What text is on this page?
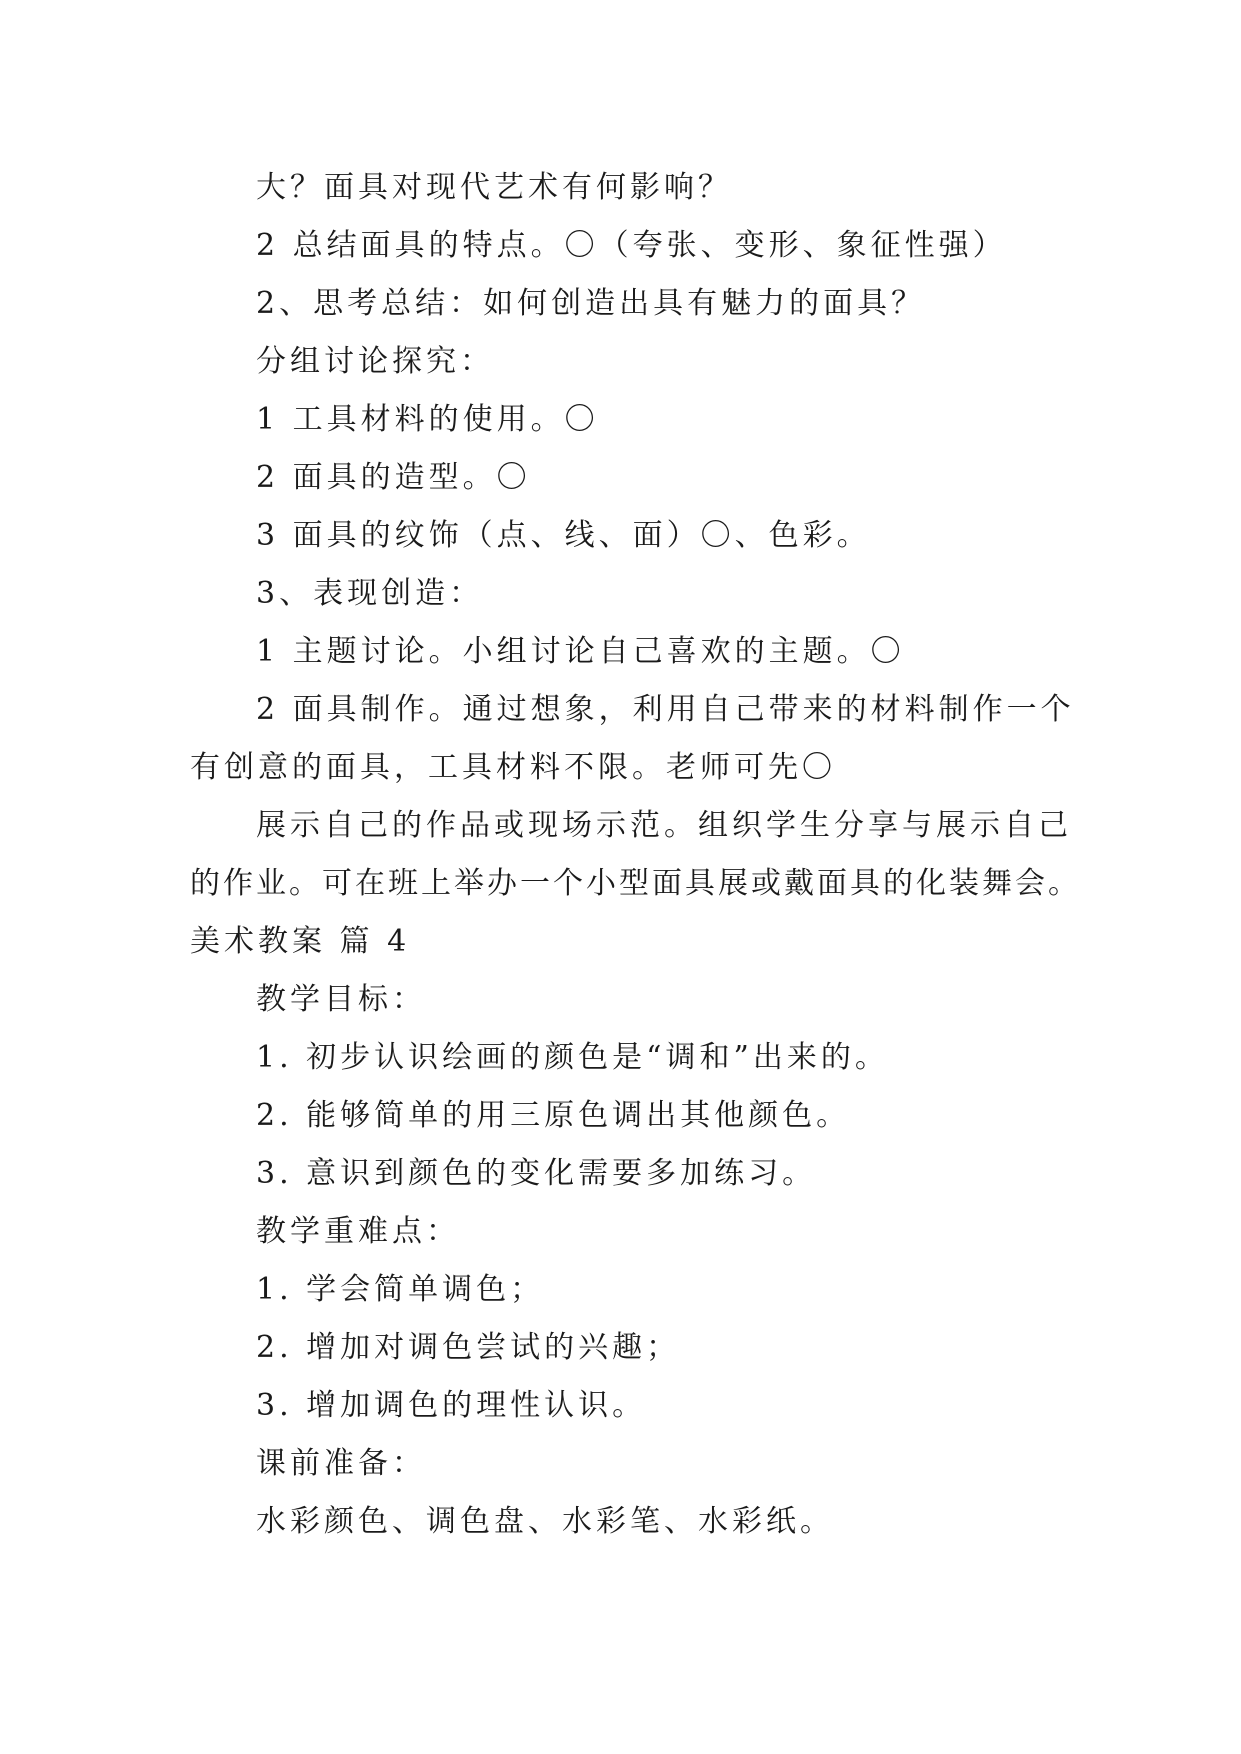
大？面具对现代艺术有何影响？
2 总结面具的特点。〇（夸张、变形、象征性强）
2、思考总结：如何创造出具有魅力的面具？
分组讨论探究：
1 工具材料的使用。〇
2 面具的造型。〇
3 面具的纹饰（点、线、面）〇、色彩。
3、表现创造：
1 主题讨论。小组讨论自己喜欢的主题。〇
2 面具制作。通过想象，利用自己带来的材料制作一个
有创意的面具，工具材料不限。老师可先〇
展示自己的作品或现场示范。组织学生分享与展示自己
的作业。可在班上举办一个小型面具展或戴面具的化装舞会。
美术教案 篇 4
教学目标：
1. 初步认识绘画的颜色是“调和”出来的。
2. 能够简单的用三原色调出其他颜色。
3. 意识到颜色的变化需要多加练习。
教学重难点：
1. 学会简单调色；
2. 增加对调色尝试的兴趣；
3. 增加调色的理性认识。
课前准备：
水彩颜色、调色盘、水彩笔、水彩纸。
